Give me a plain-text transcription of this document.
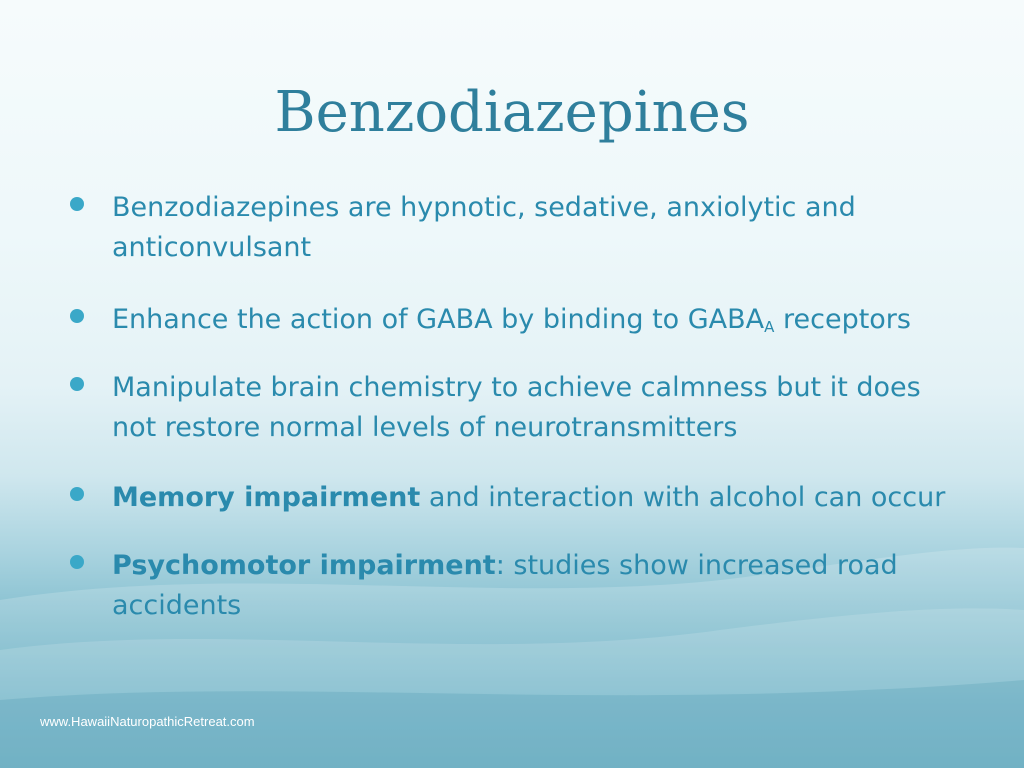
Benzodiazepines
Benzodiazepines are hypnotic, sedative, anxiolytic and anticonvulsant
Enhance the action of GABA by binding to $GABA_A$ receptors
Manipulate brain chemistry to achieve calmness but it does not restore normal levels of neurotransmitters
Memory impairment and interaction with alcohol can occur
Psychomotor impairment: studies show increased road accidents
www.HawaiiNaturopathicRetreat.com
